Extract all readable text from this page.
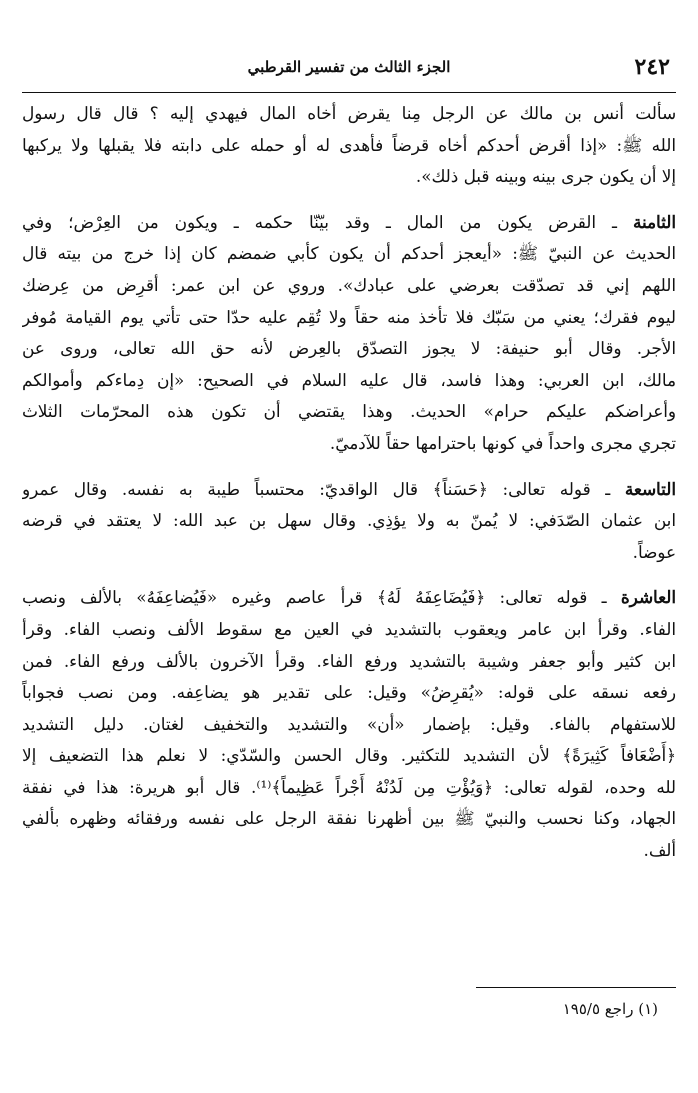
٢٤٢
الجزء الثالث من تفسير القرطبي

سألت أنس بن مالك عن الرجل مِنا يقرض أخاه المال فيهدي إليه ؟ قال قال رسول
الله ﷺ: «إذا أقرض أحدكم أخاه قرضاً فأهدى له أو حمله على دابته فلا يقبلها ولا يركبها
إلا أن يكون جرى بينه وبينه قبل ذلك».

الثامنة ـ القرض يكون من المال ـ وقد بيّنّا حكمه ـ ويكون من العِرْض؛ وفي
الحديث عن النبيّ ﷺ: «أيعجز أحدكم أن يكون كأبي ضمضم كان إذا خرج من بيته قال
اللهم إني قد تصدّقت بعرضي على عبادك». وروي عن ابن عمر: أقرِض من عِرضك
ليوم فقرك؛ يعني من سَبّك فلا تأخذ منه حقاً ولا تُقِم عليه حدّا حتى تأتي يوم القيامة مُوفر
الأجر. وقال أبو حنيفة: لا يجوز التصدّق بالعِرض لأنه حق الله تعالى، وروى عن
مالك، ابن العربي: وهذا فاسد، قال عليه السلام في الصحيح: «إن دِماءكم وأموالكم
وأعراضكم عليكم حرام» الحديث. وهذا يقتضي أن تكون هذه المحرّمات الثلاث
تجري مجرى واحداً في كونها باحترامها حقاً للآدميّ.

التاسعة ـ قوله تعالى: ﴿حَسَناً﴾ قال الواقديّ: محتسباً طيبة به نفسه. وقال عمرو
ابن عثمان الصّدَفي: لا يُمنّ به ولا يؤذِي. وقال سهل بن عبد الله: لا يعتقد في قرضه
عوضاً.

العاشرة ـ قوله تعالى: ﴿فَيُضَاعِفَهُ لَهُ﴾ قرأ عاصم وغيره «فَيُضاعِفَهُ» بالألف ونصب
الفاء. وقرأ ابن عامر ويعقوب بالتشديد في العين مع سقوط الألف ونصب الفاء. وقرأ
ابن كثير وأبو جعفر وشيبة بالتشديد ورفع الفاء. وقرأ الآخرون بالألف ورفع الفاء. فمن
رفعه نسقه على قوله: «يُقرِضُ» وقيل: على تقدير هو يضاعِفه. ومن نصب فجواباً
للاستفهام بالفاء. وقيل: بإضمار «أن» والتشديد والتخفيف لغتان. دليل التشديد
﴿أَضْعَافاً كَثِيرَةً﴾ لأن التشديد للتكثير. وقال الحسن والسّدّي: لا نعلم هذا التضعيف إلا
لله وحده، لقوله تعالى: ﴿وَيُؤْتِ مِن لَدُنْهُ أَجْراً عَظِيماً﴾⁽¹⁾. قال أبو هريرة: هذا في نفقة
الجهاد، وكنا نحسب والنبيّ ﷺ بين أظهرنا نفقة الرجل على نفسه ورفقائه وظهره بألفي
ألف.

(١) راجع ١٩٥/٥
